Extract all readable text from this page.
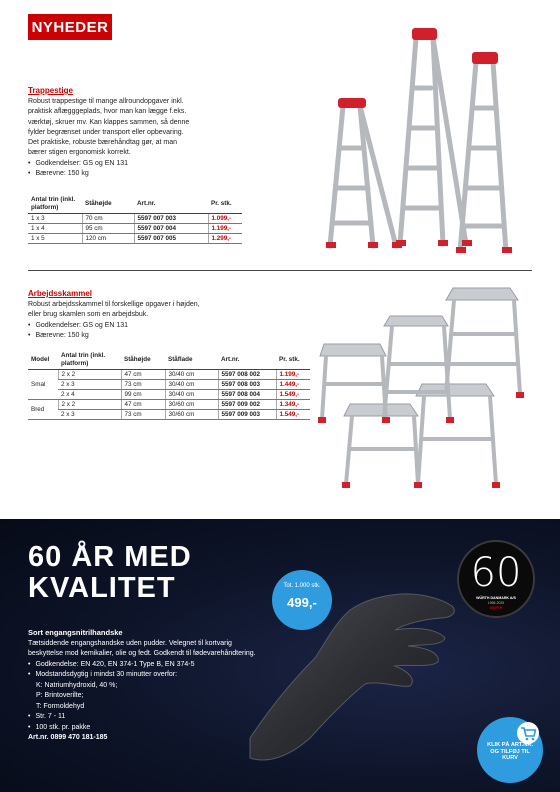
NYHEDER
Trappestige

Robust trappestige til mange allroundopgaver inkl.

praktisk aflægggeplads, hvor man kan lægge f.eks.

værktøj, skruer mv. Kan klappes sammen, så denne

fylder begrænset under transport eller opbevaring.

Det praktiske, robuste bærehåndtag gør, at man

bærer stigen ergonomisk korrekt.

• Godkendelser: GS og EN 131
• Bærevne: 150 kg
Antal trin (inkl. platform)	Ståhøjde	Art.nr.	Pr. stk.
1 x 3	70 cm	5597 007 003	1.099,-
1 x 4	95 cm	5597 007 004	1.199,-
1 x 5	120 cm	5597 007 005	1.299,-
Arbejdsskammel

Robust arbejdsskammel til forskellige opgaver i højden,

eller brug skamlen som en arbejdsbuk.

• Godkendelser: GS og EN 131
• Bærevne: 150 kg
Model	Antal trin (inkl. platform)	Ståhøjde	Ståflade	Art.nr.	Pr. stk.
Smal	2 x 2	47 cm	30/40 cm	5597 008 002	1.199,-
	2 x 3	73 cm	30/40 cm	5597 008 003	1.449,-
	2 x 4	99 cm	30/40 cm	5597 008 004	1.549,-
Bred	2 x 2	47 cm	30/60 cm	5597 009 002	1.349,-
	2 x 3	73 cm	30/60 cm	5597 009 003	1.549,-
60 ÅR MED
KVALITET	Tot. 1.000 stk.
499,-
60
WÜRTH DANMARK A/S
1965-2025
WÜRTH
Sort engangsnitrilhandske
Tætsiddende engangshandske uden pudder. Velegnet til kortvarig
beskyttelse mod kemikalier, olie og fedt. Godkendt til fødevarehåndtering.
• Godkendelse: EN 420, EN 374-1 Type B, EN 374-5
• Modstandsdygtig i mindst 30 minutter overfor:
K: Natriumhydroxid, 40 %;
P: Brintoverilte;
T: Formoldehyd
• Str. 7 - 11
• 100 stk. pr. pakke
Art.nr. 0899 470 181-185
KLIK PÅ ART.NR. OG TILFØJ TIL KURV
